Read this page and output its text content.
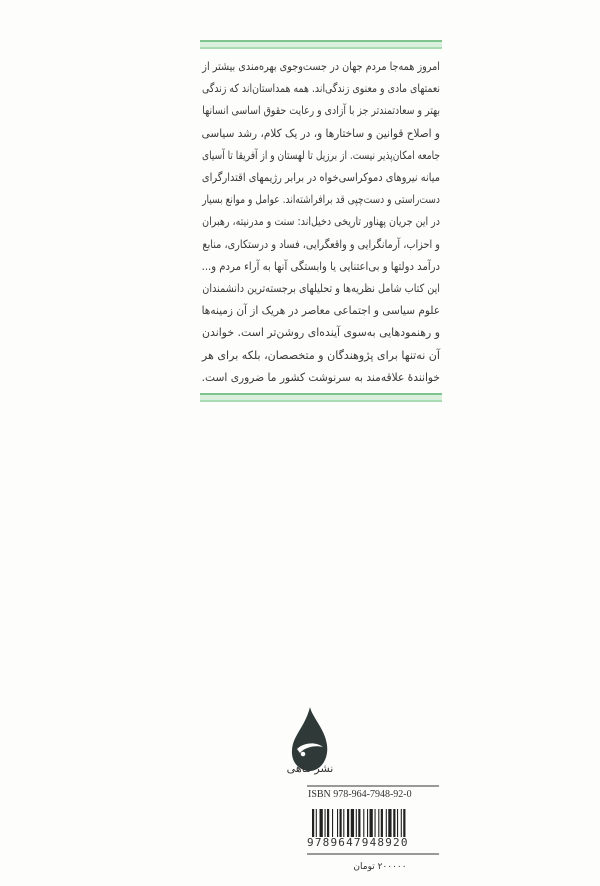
امروز همه‌جا مردم جهان در جست‌وجوی بهره‌مندی بیشتر از

نعمتهای مادی و معنوی زندگی‌اند. همه همداستان‌اند که زندگی

بهتر و سعادتمندتر جز با آزادی و رعایت حقوق اساسی انسانها

و اصلاح قوانین و ساختارها و، در یک کلام، رشد سیاسی

جامعه امکان‌پذیر نیست. از برزیل تا لهستان و از آفریقا تا آسیای

میانه نیروهای دموکراسی‌خواه در برابر رژیمهای اقتدارگرای

دست‌راستی و دست‌چپی قد برافراشته‌اند. عوامل و موانع بسیار

در این جریان پهناور تاریخی دخیل‌اند: سنت و مدرنیته، رهبران

و احزاب، آرمانگرایی و واقعگرایی، فساد و درستکاری، منابع

درآمد دولتها و بی‌اعتنایی یا وابستگی آنها به آراء مردم و...

این کتاب شامل نظریه‌ها و تحلیلهای برجسته‌ترین دانشمندان

علوم سیاسی و اجتماعی معاصر در هریک از آن زمینه‌ها

و رهنمودهایی به‌سوی آینده‌ای روشن‌تر است. خواندن

آن نه‌تنها برای پژوهندگان و متخصصان، بلکه برای هر

خوانندهٔ علاقه‌مند به سرنوشت کشور ما ضروری است.

نشر ماهی
ISBN 978-964-7948-92-0
9789647948920
۲۰۰۰۰۰ تومان
